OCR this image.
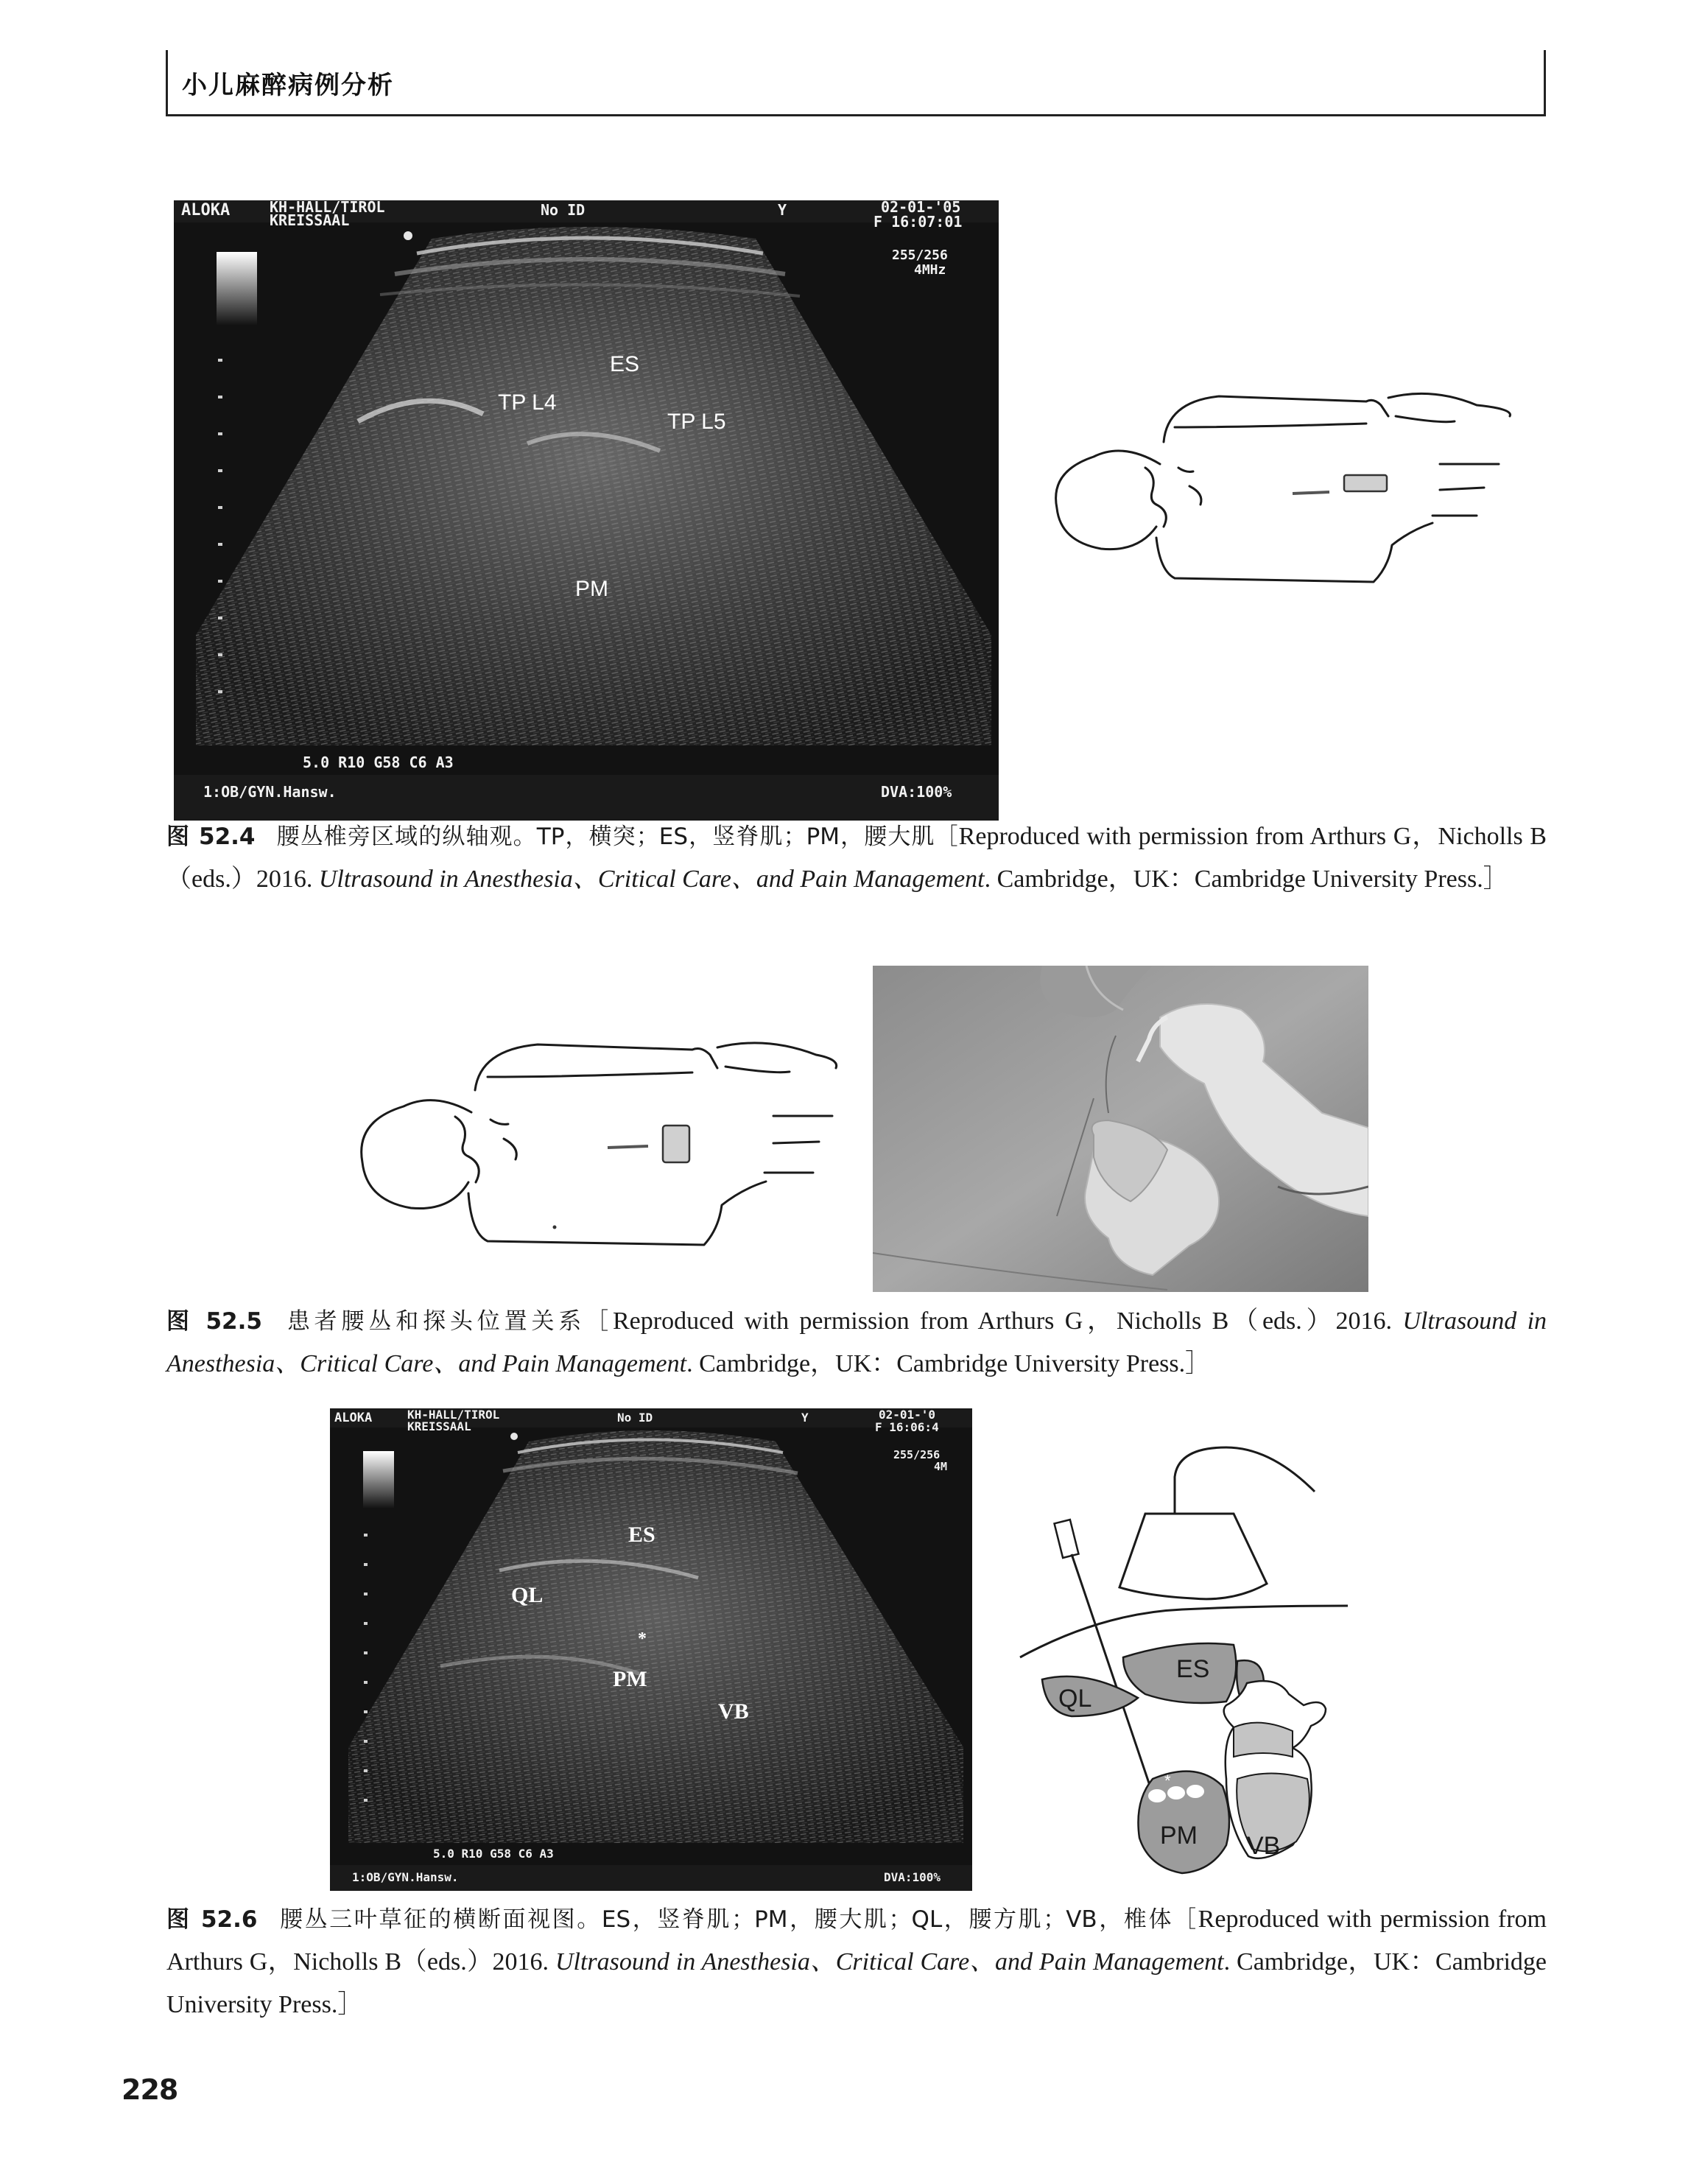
小儿麻醉病例分析
ALOKA	KH-HALL/TIROL
KREISSAAL
No ID	Y	02-01-'05
F 16:07:01
255/256
4MHz
ES
TP L4
TP L5
PM
5.0 R10 G58 C6 A3
1:OB/GYN.Hansw.	DVA:100%
图 52.4 腰丛椎旁区域的纵轴观。TP，横突；ES，竖脊肌；PM，腰大肌［Reproduced with permission from Arthurs G，Nicholls B（eds.）2016. Ultrasound in Anesthesia、Critical Care、and Pain Management. Cambridge，UK：Cambridge University Press.］
图 52.5 患者腰丛和探头位置关系［Reproduced with permission from Arthurs G，Nicholls B（eds.）2016. Ultrasound in Anesthesia、Critical Care、and Pain Management. Cambridge，UK：Cambridge University Press.］
ALOKA	KH-HALL/TIROL
KREISSAAL
No ID	Y	02-01-'0
F 16:06:4
255/256
4M
ES
QL
*
PM
VB
5.0 R10 G58 C6 A3
1:OB/GYN.Hansw.	DVA:100%
ES
QL
*
PM VB
图 52.6 腰丛三叶草征的横断面视图。ES，竖脊肌；PM，腰大肌；QL，腰方肌；VB，椎体［Reproduced with permission from Arthurs G，Nicholls B（eds.）2016. Ultrasound in Anesthesia、Critical Care、and Pain Management. Cambridge，UK：Cambridge University Press.］
228
